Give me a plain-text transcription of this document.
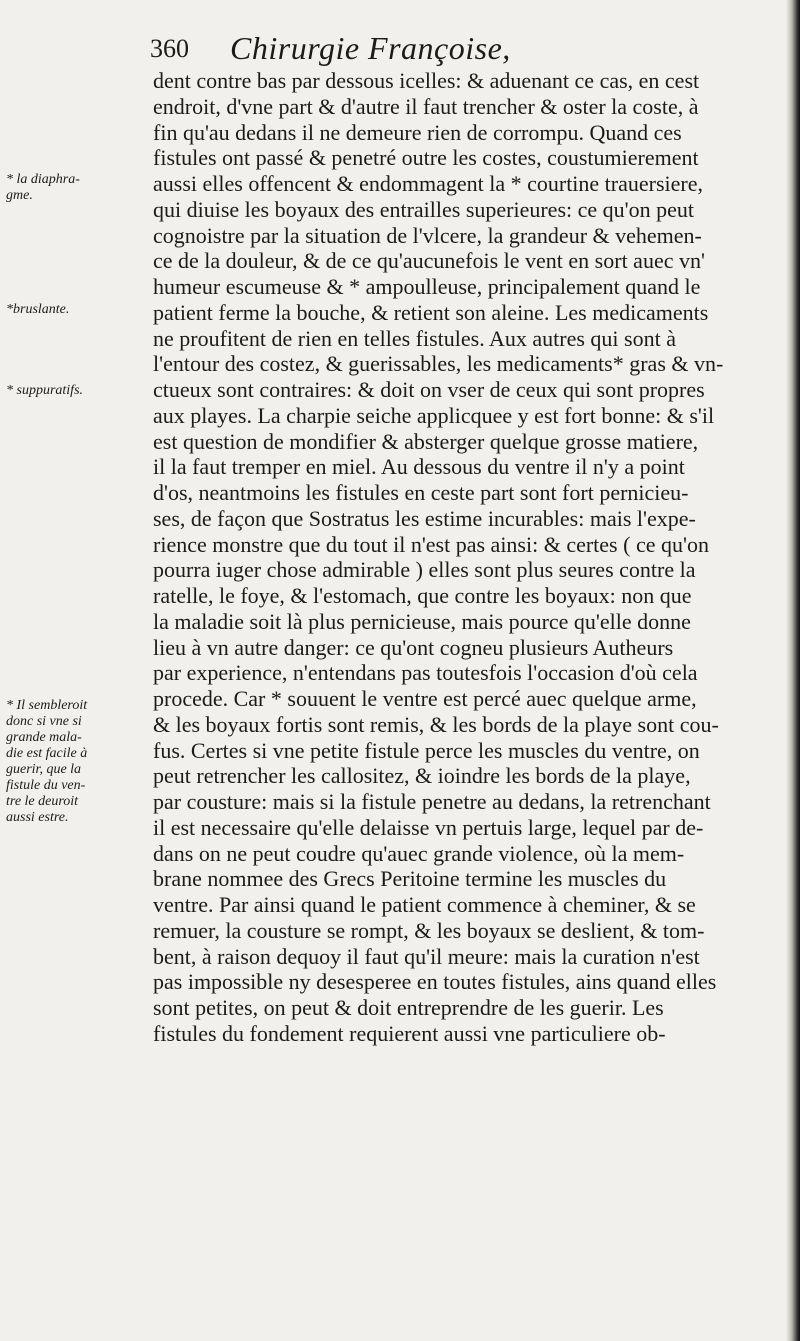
360 Chirurgie Françoise,
* la diaphra-
gme.
*bruslante.
* suppuratifs.
* Il sembleroit
donc si vne si
grande mala-
die est facile à
guerir, que la
fistule du ven-
tre le deuroit
aussi estre.
dent contre bas par dessous icelles: & aduenant ce cas, en cest
endroit, d'vne part & d'autre il faut trencher & oster la coste, à
fin qu'au dedans il ne demeure rien de corrompu. Quand ces
fistules ont passé & penetré outre les costes, coustumierement
aussi elles offencent & endommagent la * courtine trauersiere,
qui diuise les boyaux des entrailles superieures: ce qu'on peut
cognoistre par la situation de l'vlcere, la grandeur & vehemen-
ce de la douleur, & de ce qu'aucunefois le vent en sort auec vn'
humeur escumeuse & * ampoulleuse, principalement quand le
patient ferme la bouche, & retient son aleine. Les medicaments
ne proufitent de rien en telles fistules. Aux autres qui sont à
l'entour des costez, & guerissables, les medicaments* gras & vn-
ctueux sont contraires: & doit on vser de ceux qui sont propres
aux playes. La charpie seiche applicquee y est fort bonne: & s'il
est question de mondifier & absterger quelque grosse matiere,
il la faut tremper en miel. Au dessous du ventre il n'y a point
d'os, neantmoins les fistules en ceste part sont fort pernicieu-
ses, de façon que Sostratus les estime incurables: mais l'expe-
rience monstre que du tout il n'est pas ainsi: & certes ( ce qu'on
pourra iuger chose admirable ) elles sont plus seures contre la
ratelle, le foye, & l'estomach, que contre les boyaux: non que
la maladie soit là plus pernicieuse, mais pource qu'elle donne
lieu à vn autre danger: ce qu'ont cogneu plusieurs Autheurs
par experience, n'entendans pas toutesfois l'occasion d'où cela
procede. Car * souuent le ventre est percé auec quelque arme,
& les boyaux fortis sont remis, & les bords de la playe sont cou-
fus. Certes si vne petite fistule perce les muscles du ventre, on
peut retrencher les callositez, & ioindre les bords de la playe,
par cousture: mais si la fistule penetre au dedans, la retrenchant
il est necessaire qu'elle delaisse vn pertuis large, lequel par de-
dans on ne peut coudre qu'auec grande violence, où la mem-
brane nommee des Grecs Peritoine termine les muscles du
ventre. Par ainsi quand le patient commence à cheminer, & se
remuer, la cousture se rompt, & les boyaux se deslient, & tom-
bent, à raison dequoy il faut qu'il meure: mais la curation n'est
pas impossible ny desesperee en toutes fistules, ains quand elles
sont petites, on peut & doit entreprendre de les guerir. Les
fistules du fondement requierent aussi vne particuliere ob-
